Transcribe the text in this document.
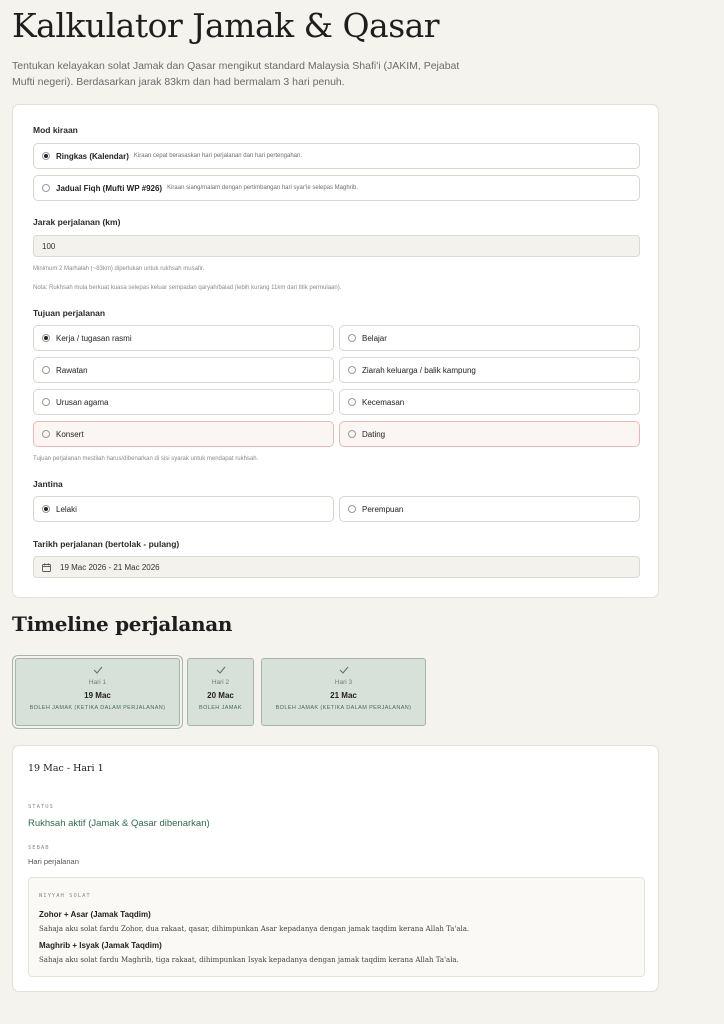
Kalkulator Jamak & Qasar

Tentukan kelayakan solat Jamak dan Qasar mengikut standard Malaysia Shafi'i (JAKIM, Pejabat Mufti negeri). Berdasarkan jarak 83km dan had bermalam 3 hari penuh.

Mod kiraan
Ringkas (Kalendar) Kiraan cepat berasaskan hari perjalanan dan hari pertengahan.
Jadual Fiqh (Mufti WP #926) Kiraan siang/malam dengan pertimbangan hari syar'ie selepas Maghrib.
Jarak perjalanan (km)
100
Minimum 2 Marhalah (~83km) diperlukan untuk rukhsah musafir.
Nota: Rukhsah mula berkuat kuasa selepas keluar sempadan qaryah/balad (lebih kurang 11km dari titik permulaan).
Tujuan perjalanan
Kerja / tugasan rasmi	Belajar
Rawatan	Ziarah keluarga / balik kampung
Urusan agama	Kecemasan
Konsert	Dating
Tujuan perjalanan mestilah harus/dibenarkan di sisi syarak untuk mendapat rukhsah.
Jantina
Lelaki	Perempuan
Tarikh perjalanan (bertolak - pulang)
19 Mac 2026 - 21 Mac 2026
Timeline perjalanan
Hari 1
19 Mac
BOLEH JAMAK (KETIKA DALAM PERJALANAN)
Hari 2
20 Mac
BOLEH JAMAK
Hari 3
21 Mac
BOLEH JAMAK (KETIKA DALAM PERJALANAN)
19 Mac - Hari 1
STATUS
Rukhsah aktif (Jamak & Qasar dibenarkan)
SEBAB
Hari perjalanan
NIYYAH SOLAT
Zohor + Asar (Jamak Taqdim)
Sahaja aku solat fardu Zohor, dua rakaat, qasar, dihimpunkan Asar kepadanya dengan jamak taqdim kerana Allah Ta'ala.
Maghrib + Isyak (Jamak Taqdim)
Sahaja aku solat fardu Maghrib, tiga rakaat, dihimpunkan Isyak kepadanya dengan jamak taqdim kerana Allah Ta'ala.
